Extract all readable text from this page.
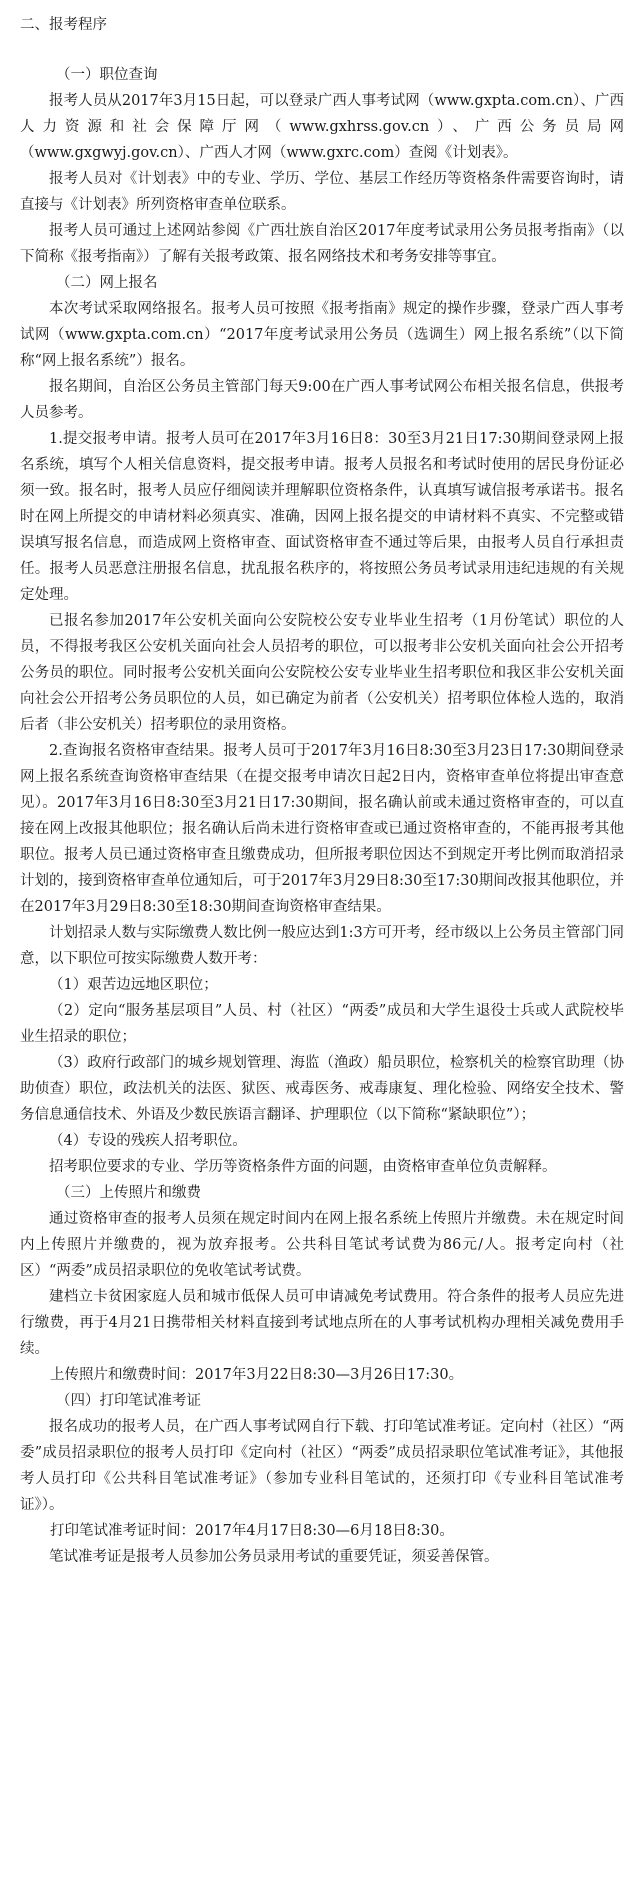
二、报考程序

（一）职位查询

报考人员从2017年3月15日起，可以登录广西人事考试网（www.gxpta.com.cn）、广西人力资源和社会保障厅网（www.gxhrss.gov.cn）、广西公务员局网（www.gxgwyj.gov.cn）、广西人才网（www.gxrc.com）查阅《计划表》。

报考人员对《计划表》中的专业、学历、学位、基层工作经历等资格条件需要咨询时，请直接与《计划表》所列资格审查单位联系。

报考人员可通过上述网站参阅《广西壮族自治区2017年度考试录用公务员报考指南》（以下简称《报考指南》）了解有关报考政策、报名网络技术和考务安排等事宜。

（二）网上报名

本次考试采取网络报名。报考人员可按照《报考指南》规定的操作步骤，登录广西人事考试网（www.gxpta.com.cn）“2017年度考试录用公务员（选调生）网上报名系统”（以下简称“网上报名系统”）报名。

报名期间，自治区公务员主管部门每天9:00在广西人事考试网公布相关报名信息，供报考人员参考。

1.提交报考申请。报考人员可在2017年3月16日8：30至3月21日17:30期间登录网上报名系统，填写个人相关信息资料，提交报考申请。报考人员报名和考试时使用的居民身份证必须一致。报名时，报考人员应仔细阅读并理解职位资格条件，认真填写诚信报考承诺书。报名时在网上所提交的申请材料必须真实、准确，因网上报名提交的申请材料不真实、不完整或错误填写报名信息，而造成网上资格审查、面试资格审查不通过等后果，由报考人员自行承担责任。报考人员恶意注册报名信息，扰乱报名秩序的，将按照公务员考试录用违纪违规的有关规定处理。

已报名参加2017年公安机关面向公安院校公安专业毕业生招考（1月份笔试）职位的人员，不得报考我区公安机关面向社会人员招考的职位，可以报考非公安机关面向社会公开招考公务员的职位。同时报考公安机关面向公安院校公安专业毕业生招考职位和我区非公安机关面向社会公开招考公务员职位的人员，如已确定为前者（公安机关）招考职位体检人选的，取消后者（非公安机关）招考职位的录用资格。

2.查询报名资格审查结果。报考人员可于2017年3月16日8:30至3月23日17:30期间登录网上报名系统查询资格审查结果（在提交报考申请次日起2日内，资格审查单位将提出审查意见）。2017年3月16日8:30至3月21日17:30期间，报名确认前或未通过资格审查的，可以直接在网上改报其他职位；报名确认后尚未进行资格审查或已通过资格审查的，不能再报考其他职位。报考人员已通过资格审查且缴费成功，但所报考职位因达不到规定开考比例而取消招录计划的，接到资格审查单位通知后，可于2017年3月29日8:30至17:30期间改报其他职位，并在2017年3月29日8:30至18:30期间查询资格审查结果。

计划招录人数与实际缴费人数比例一般应达到1:3方可开考，经市级以上公务员主管部门同意，以下职位可按实际缴费人数开考：

（1）艰苦边远地区职位；

（2）定向“服务基层项目”人员、村（社区）“两委”成员和大学生退役士兵或人武院校毕业生招录的职位；

（3）政府行政部门的城乡规划管理、海监（渔政）船员职位，检察机关的检察官助理（协助侦查）职位，政法机关的法医、狱医、戒毒医务、戒毒康复、理化检验、网络安全技术、警务信息通信技术、外语及少数民族语言翻译、护理职位（以下简称“紧缺职位”）；

（4）专设的残疾人招考职位。

招考职位要求的专业、学历等资格条件方面的问题，由资格审查单位负责解释。

（三）上传照片和缴费

通过资格审查的报考人员须在规定时间内在网上报名系统上传照片并缴费。未在规定时间内上传照片并缴费的，视为放弃报考。公共科目笔试考试费为86元/人。报考定向村（社区）“两委”成员招录职位的免收笔试考试费。

建档立卡贫困家庭人员和城市低保人员可申请减免考试费用。符合条件的报考人员应先进行缴费，再于4月21日携带相关材料直接到考试地点所在的人事考试机构办理相关减免费用手续。

上传照片和缴费时间：2017年3月22日8:30—3月26日17:30。

（四）打印笔试准考证

报名成功的报考人员，在广西人事考试网自行下载、打印笔试准考证。定向村（社区）“两委”成员招录职位的报考人员打印《定向村（社区）“两委”成员招录职位笔试准考证》，其他报考人员打印《公共科目笔试准考证》（参加专业科目笔试的，还须打印《专业科目笔试准考证》）。

打印笔试准考证时间：2017年4月17日8:30—6月18日8:30。

笔试准考证是报考人员参加公务员录用考试的重要凭证，须妥善保管。
